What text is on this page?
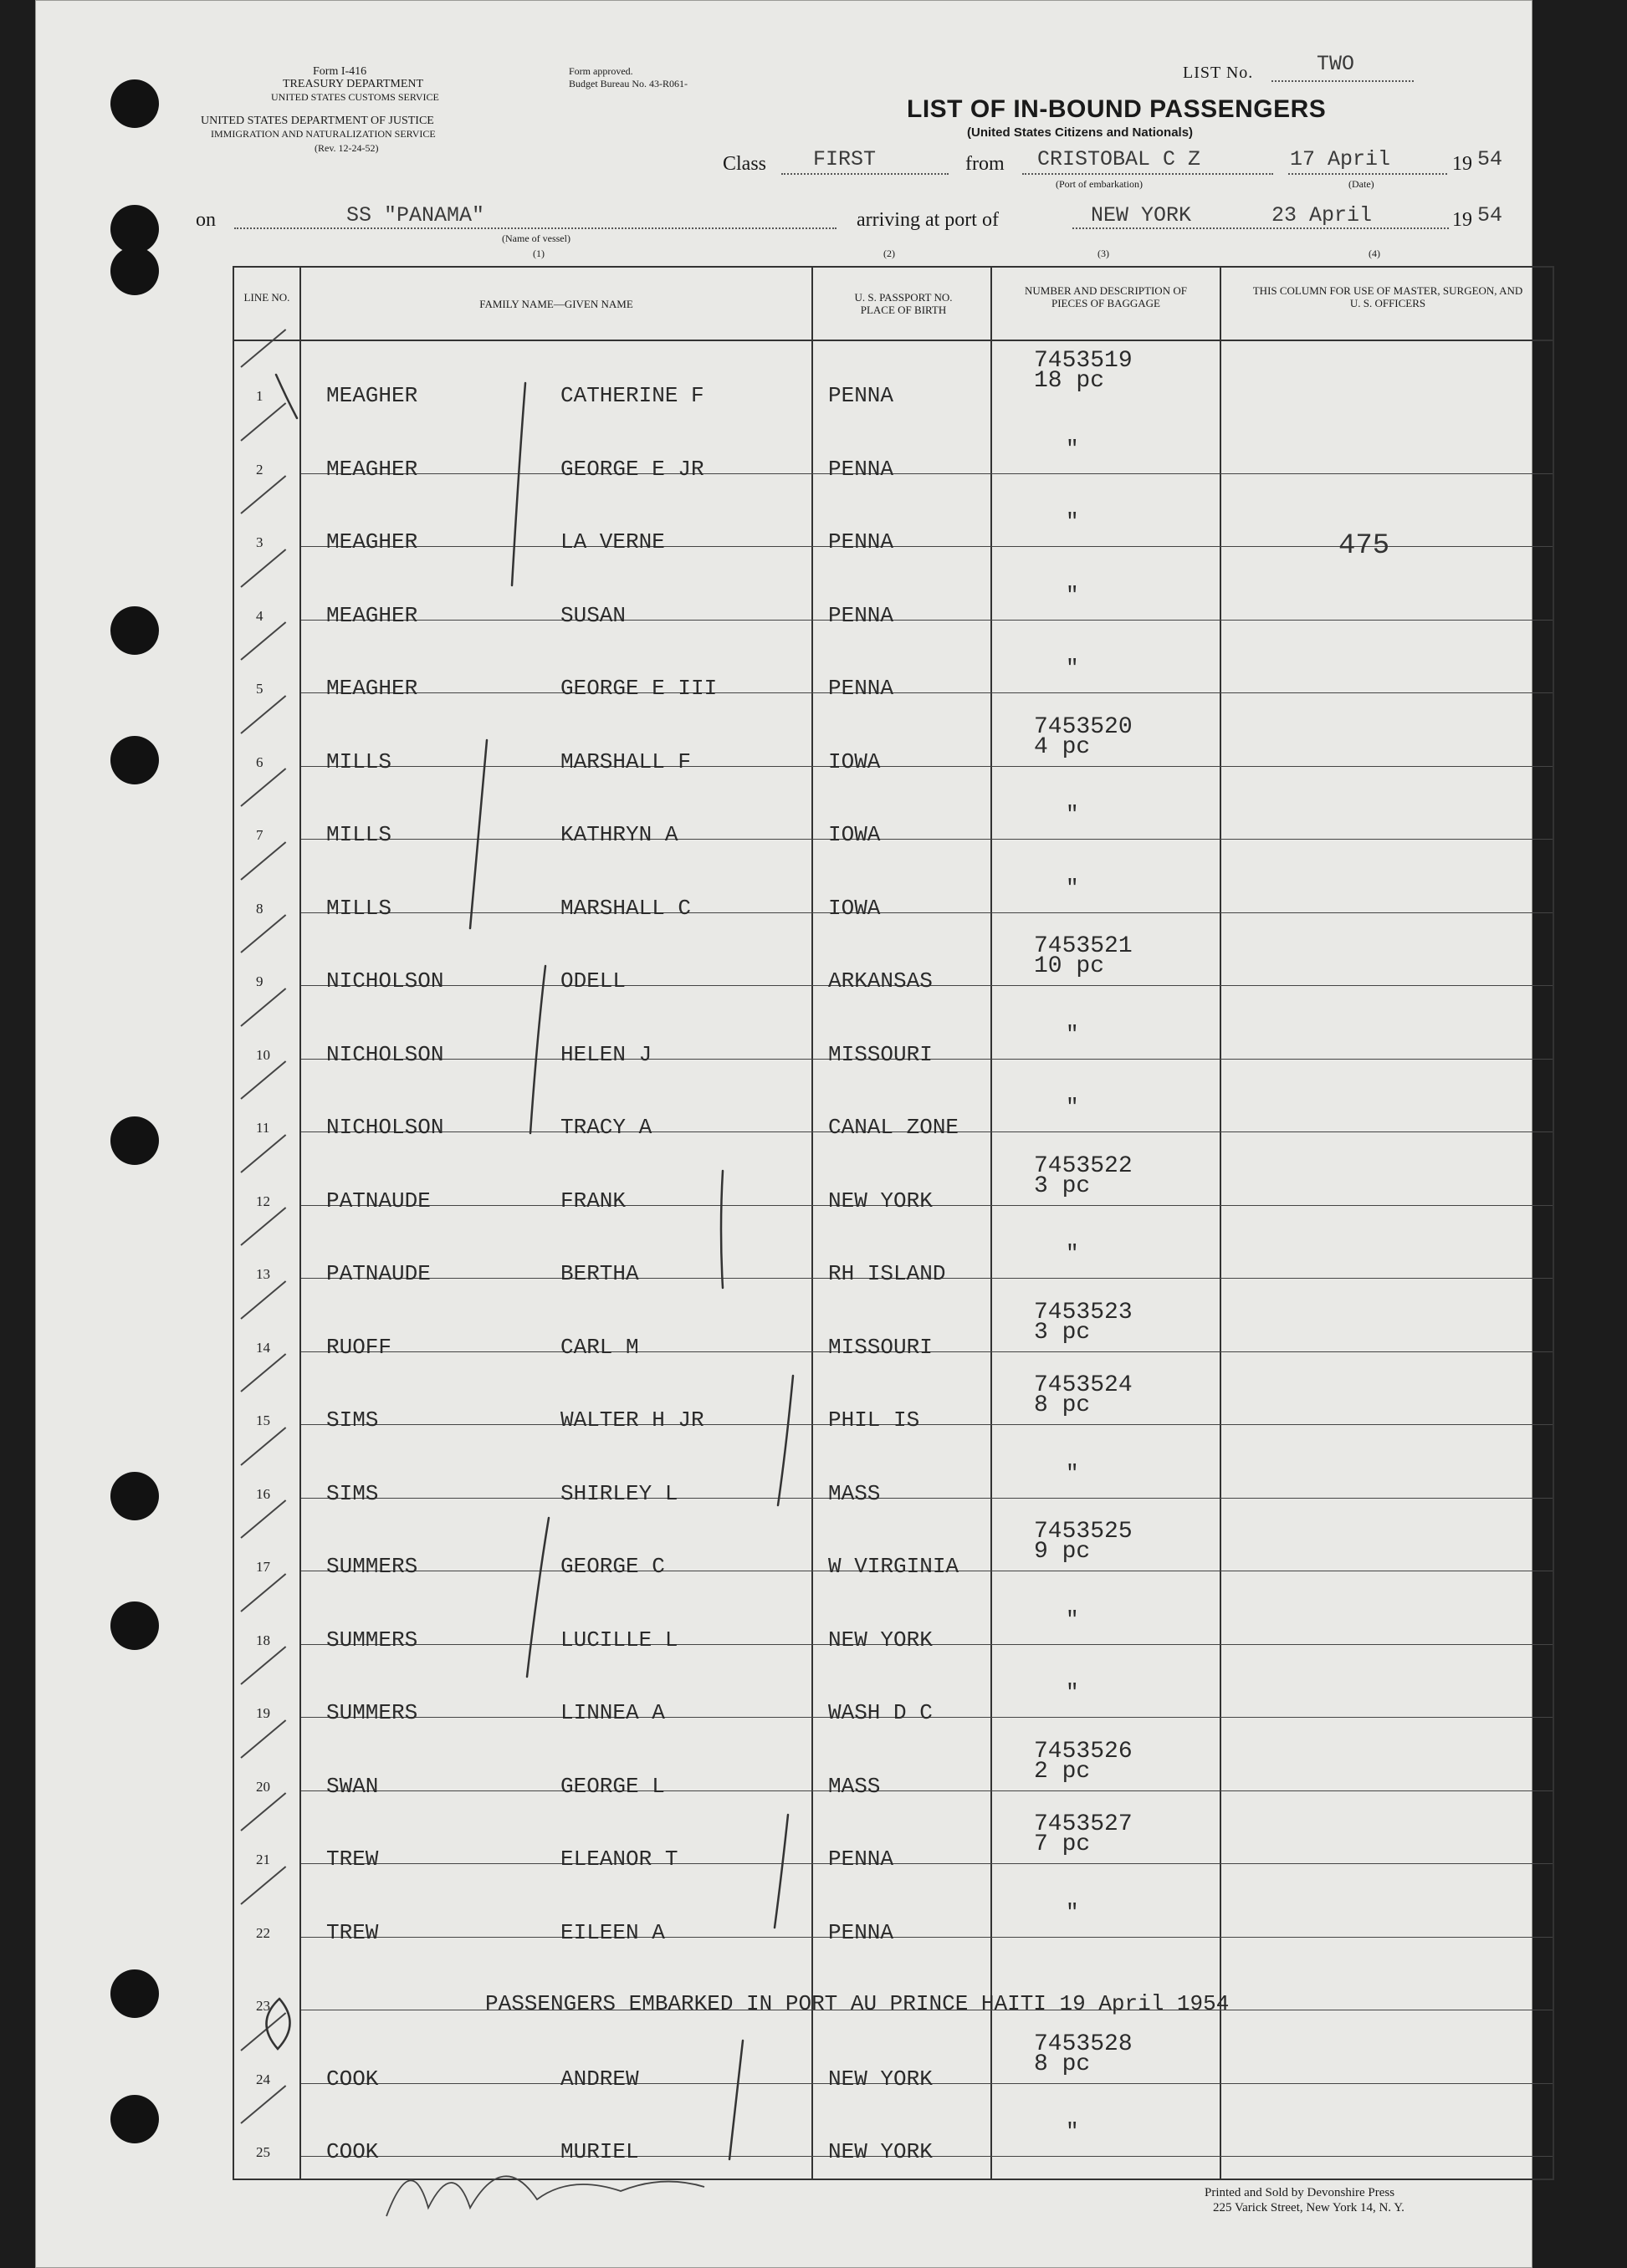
Form I-416
TREASURY DEPARTMENT
UNITED STATES CUSTOMS SERVICE
UNITED STATES DEPARTMENT OF JUSTICE
IMMIGRATION AND NATURALIZATION SERVICE
(Rev. 12-24-52)
Form approved.
Budget Bureau No. 43-R061-
LIST No.	TWO
LIST OF IN-BOUND PASSENGERS
(United States Citizens and Nationals)
Class FIRST	from CRISTOBAL C Z
(Port of embarkation)
17 April
(Date)
19 54
on	SS "PANAMA"
(Name of vessel)
(1)
arriving at port of	NEW YORK	23 April	19 54
(2)	(3)	(4)
LINE NO.
FAMILY NAME—GIVEN NAME
U. S. PASSPORT NO. PLACE OF BIRTH
NUMBER AND DESCRIPTION OF PIECES OF BAGGAGE
THIS COLUMN FOR USE OF MASTER, SURGEON, AND U. S. OFFICERS
1	MEAGHER	CATHERINE F	PENNA
7453519
18 pc
2	MEAGHER	GEORGE E JR	PENNA
"
3	MEAGHER	LA VERNE	PENNA
"
4	MEAGHER	SUSAN	PENNA
"
5	MEAGHER	GEORGE E III	PENNA
"
6	MILLS	MARSHALL F	IOWA
7453520
4 pc
7	MILLS	KATHRYN A	IOWA
"
8	MILLS	MARSHALL C	IOWA
"
9	NICHOLSON	ODELL	ARKANSAS
7453521
10 pc
10	NICHOLSON	HELEN J	MISSOURI
"
11	NICHOLSON	TRACY A	CANAL ZONE
"
12	PATNAUDE	FRANK	NEW YORK
7453522
3 pc
13	PATNAUDE	BERTHA	RH ISLAND
"
14	RUOFF	CARL M	MISSOURI
7453523
3 pc
15	SIMS	WALTER H JR	PHIL IS
7453524
8 pc
16	SIMS	SHIRLEY L	MASS
"
17	SUMMERS	GEORGE C	W VIRGINIA
7453525
9 pc
18	SUMMERS	LUCILLE L	NEW YORK
"
19	SUMMERS	LINNEA A	WASH D C
"
20	SWAN	GEORGE L	MASS
7453526
2 pc
21	TREW	ELEANOR T	PENNA
7453527
7 pc
22	TREW	EILEEN A	PENNA
"
23	PASSENGERS EMBARKED IN PORT AU PRINCE HAITI 19 April 1954
24	COOK	ANDREW	NEW YORK
7453528
8 pc
25	COOK	MURIEL	NEW YORK
"
475
Printed and Sold by Devonshire Press
225 Varick Street, New York 14, N. Y.
